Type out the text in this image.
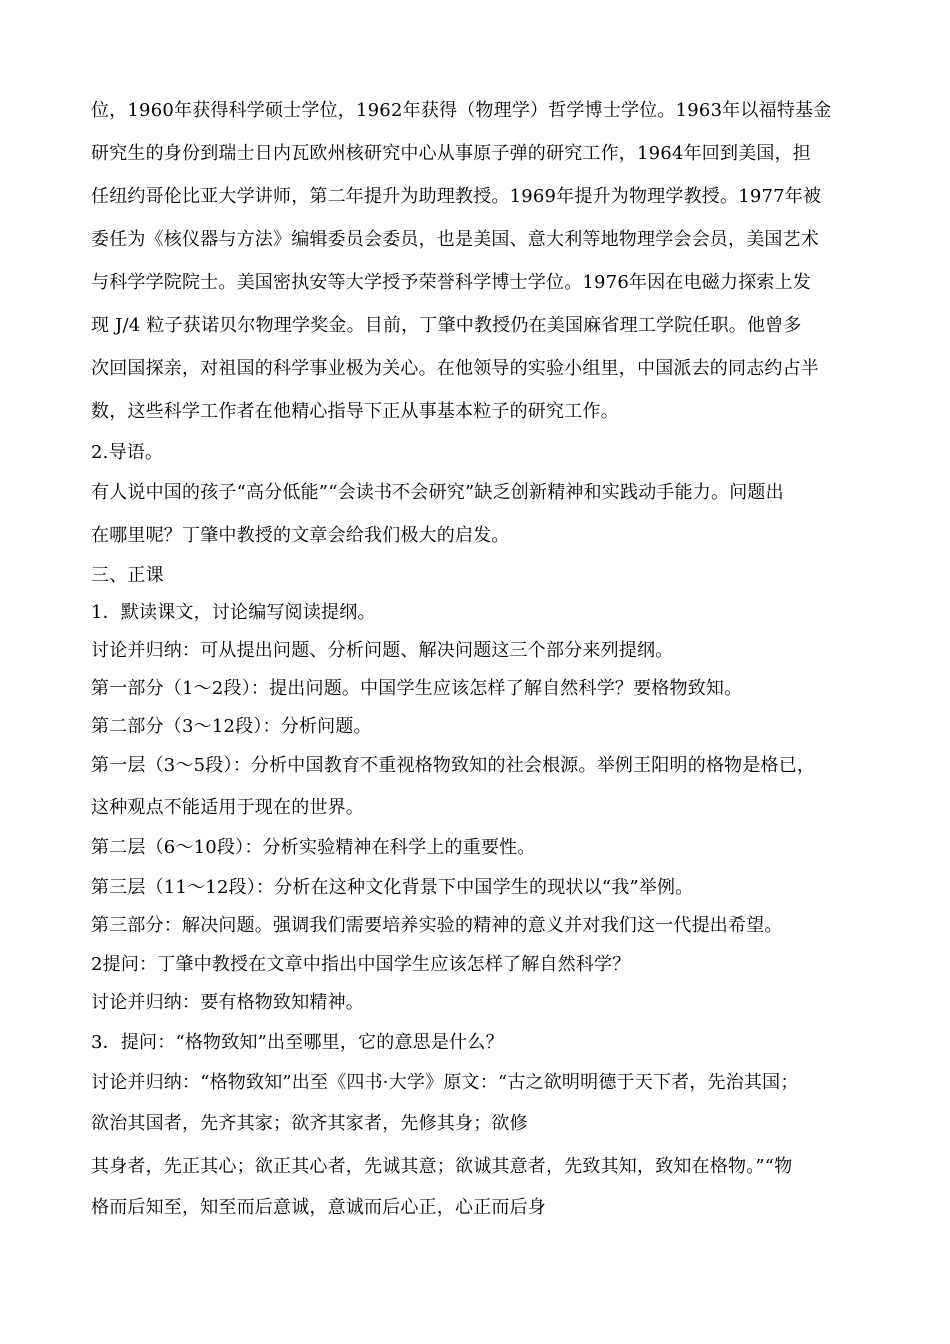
位，1960年获得科学硕士学位，1962年获得（物理学）哲学博士学位。1963年以福特基金
研究生的身份到瑞士日内瓦欧州核研究中心从事原子弹的研究工作，1964年回到美国，担
任纽约哥伦比亚大学讲师，第二年提升为助理教授。1969年提升为物理学教授。1977年被
委任为《核仪器与方法》编辑委员会委员，也是美国、意大利等地物理学会会员，美国艺术
与科学学院院士。美国密执安等大学授予荣誉科学博士学位。1976年因在电磁力探索上发
现 J/4 粒子获诺贝尔物理学奖金。目前，丁肇中教授仍在美国麻省理工学院任职。他曾多
次回国探亲，对祖国的科学事业极为关心。在他领导的实验小组里，中国派去的同志约占半
数，这些科学工作者在他精心指导下正从事基本粒子的研究工作。
2.导语。
有人说中国的孩子“高分低能”“会读书不会研究”缺乏创新精神和实践动手能力。问题出
在哪里呢？丁肇中教授的文章会给我们极大的启发。
三、正课
1．默读课文，讨论编写阅读提纲。
讨论并归纳：可从提出问题、分析问题、解决问题这三个部分来列提纲。
第一部分（1～2段）：提出问题。中国学生应该怎样了解自然科学？要格物致知。
第二部分（3～12段）：分析问题。
第一层（3～5段）：分析中国教育不重视格物致知的社会根源。举例王阳明的格物是格已，
这种观点不能适用于现在的世界。
第二层（6～10段）：分析实验精神在科学上的重要性。
第三层（11～12段）：分析在这种文化背景下中国学生的现状以“我”举例。
第三部分：解决问题。强调我们需要培养实验的精神的意义并对我们这一代提出希望。
2提问：丁肇中教授在文章中指出中国学生应该怎样了解自然科学？
讨论并归纳：要有格物致知精神。
3．提问：“格物致知”出至哪里，它的意思是什么？
讨论并归纳：“格物致知”出至《四书·大学》原文：“古之欲明明德于天下者，先治其国；
欲治其国者，先齐其家；欲齐其家者，先修其身；欲修
其身者，先正其心；欲正其心者，先诚其意；欲诚其意者，先致其知，致知在格物。”“物
格而后知至，知至而后意诚，意诚而后心正，心正而后身
